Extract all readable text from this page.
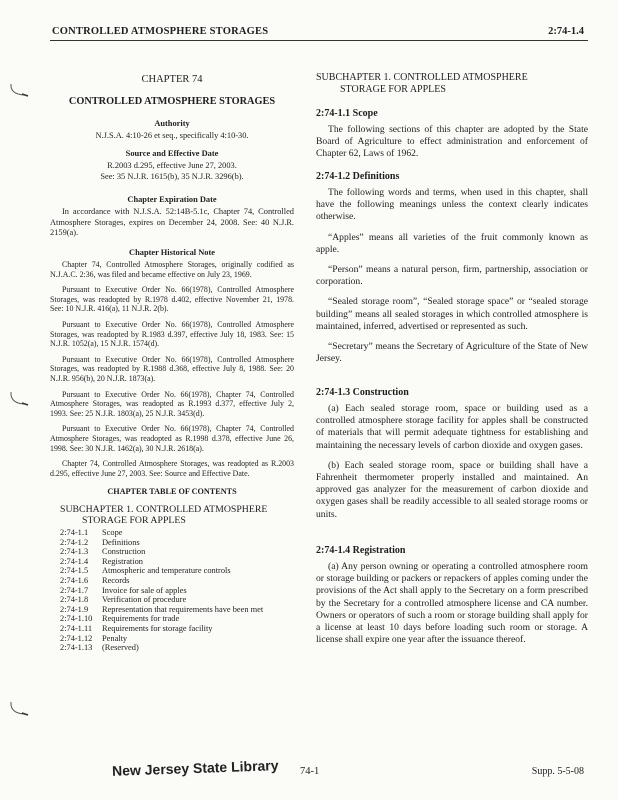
CONTROLLED ATMOSPHERE STORAGES	2:74-1.4
CHAPTER 74
CONTROLLED ATMOSPHERE STORAGES
Authority
N.J.S.A. 4:10-26 et seq., specifically 4:10-30.
Source and Effective Date
R.2003 d.295, effective June 27, 2003.
See: 35 N.J.R. 1615(b), 35 N.J.R. 3296(b).
Chapter Expiration Date
In accordance with N.J.S.A. 52:14B-5.1c, Chapter 74, Controlled Atmosphere Storages, expires on December 24, 2008. See: 40 N.J.R. 2159(a).
Chapter Historical Note
Chapter 74, Controlled Atmosphere Storages, originally codified as N.J.A.C. 2:36, was filed and became effective on July 23, 1969.
Pursuant to Executive Order No. 66(1978), Controlled Atmosphere Storages, was readopted by R.1978 d.402, effective November 21, 1978. See: 10 N.J.R. 416(a), 11 N.J.R. 2(b).
Pursuant to Executive Order No. 66(1978), Controlled Atmosphere Storages, was readopted by R.1983 d.397, effective July 18, 1983. See: 15 N.J.R. 1052(a), 15 N.J.R. 1574(d).
Pursuant to Executive Order No. 66(1978), Controlled Atmosphere Storages, was readopted by R.1988 d.368, effective July 8, 1988. See: 20 N.J.R. 956(b), 20 N.J.R. 1873(a).
Pursuant to Executive Order No. 66(1978), Chapter 74, Controlled Atmosphere Storages, was readopted as R.1993 d.377, effective July 2, 1993. See: 25 N.J.R. 1803(a), 25 N.J.R. 3453(d).
Pursuant to Executive Order No. 66(1978), Chapter 74, Controlled Atmosphere Storages, was readopted as R.1998 d.378, effective June 26, 1998. See: 30 N.J.R. 1462(a), 30 N.J.R. 2618(a).
Chapter 74, Controlled Atmosphere Storages, was readopted as R.2003 d.295, effective June 27, 2003. See: Source and Effective Date.
CHAPTER TABLE OF CONTENTS
SUBCHAPTER 1. CONTROLLED ATMOSPHERE
STORAGE FOR APPLES
2:74-1.1	Scope
2:74-1.2	Definitions
2:74-1.3	Construction
2:74-1.4	Registration
2:74-1.5	Atmospheric and temperature controls
2:74-1.6	Records
2:74-1.7	Invoice for sale of apples
2:74-1.8	Verification of procedure
2:74-1.9	Representation that requirements have been met
2:74-1.10	Requirements for trade
2:74-1.11	Requirements for storage facility
2:74-1.12	Penalty
2:74-1.13	(Reserved)
SUBCHAPTER 1. CONTROLLED ATMOSPHERE
STORAGE FOR APPLES
2:74-1.1 Scope
The following sections of this chapter are adopted by the State Board of Agriculture to effect administration and enforcement of Chapter 62, Laws of 1962.
2:74-1.2 Definitions
The following words and terms, when used in this chapter, shall have the following meanings unless the context clearly indicates otherwise.
“Apples” means all varieties of the fruit commonly known as apple.
“Person” means a natural person, firm, partnership, association or corporation.
“Sealed storage room”, “Sealed storage space” or “sealed storage building” means all sealed storages in which controlled atmosphere is maintained, inferred, advertised or represented as such.
“Secretary” means the Secretary of Agriculture of the State of New Jersey.
2:74-1.3 Construction
(a) Each sealed storage room, space or building used as a controlled atmosphere storage facility for apples shall be constructed of materials that will permit adequate tightness for establishing and maintaining the necessary levels of carbon dioxide and oxygen gases.
(b) Each sealed storage room, space or building shall have a Fahrenheit thermometer properly installed and maintained. An approved gas analyzer for the measurement of carbon dioxide and oxygen gases shall be readily accessible to all sealed storage rooms or units.
2:74-1.4 Registration
(a) Any person owning or operating a controlled atmosphere room or storage building or packers or repackers of apples coming under the provisions of the Act shall apply to the Secretary on a form prescribed by the Secretary for a controlled atmosphere license and CA number. Owners or operators of such a room or storage building shall apply for a license at least 10 days before loading such room or storage. A license shall expire one year after the issuance thereof.
New Jersey State Library 74-1	Supp. 5-5-08
